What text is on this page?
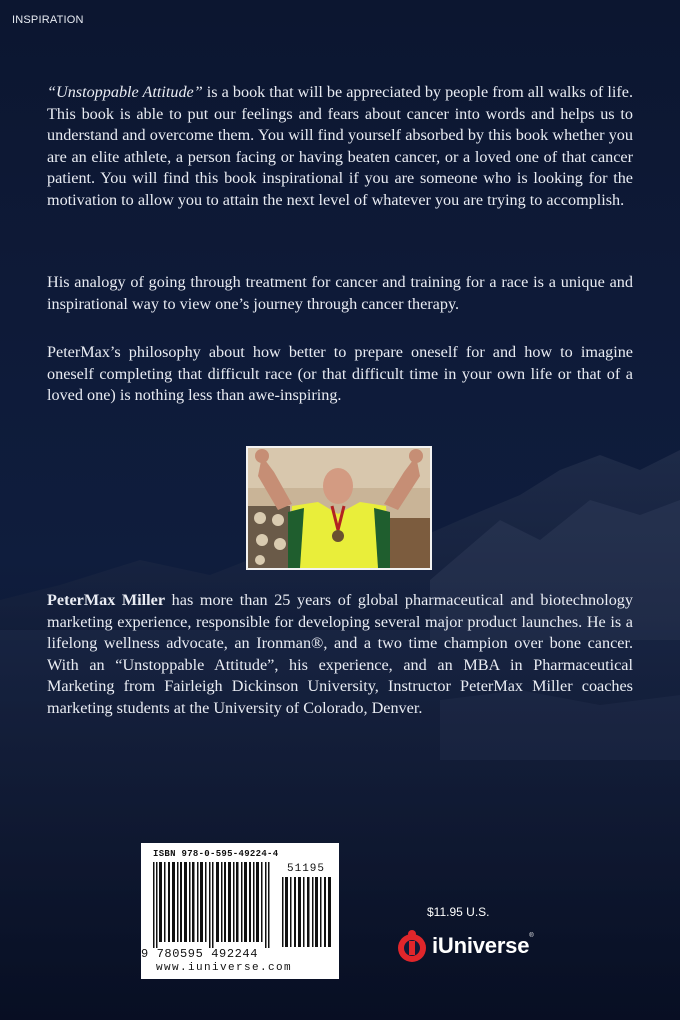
INSPIRATION
“Unstoppable Attitude” is a book that will be appreciated by people from all walks of life. This book is able to put our feelings and fears about cancer into words and helps us to understand and overcome them. You will find yourself absorbed by this book whether you are an elite athlete, a person facing or having beaten cancer, or a loved one of that cancer patient. You will find this book inspirational if you are someone who is looking for the motivation to allow you to attain the next level of whatever you are trying to accomplish.
His analogy of going through treatment for cancer and training for a race is a unique and inspirational way to view one’s journey through cancer therapy.
PeterMax’s philosophy about how better to prepare oneself for and how to imagine oneself completing that difficult race (or that difficult time in your own life or that of a loved one) is nothing less than awe-inspiring.
PeterMax Miller has more than 25 years of global pharmaceutical and biotechnology marketing experience, responsible for developing several major product launches. He is a lifelong wellness advocate, an Ironman®, and a two time champion over bone cancer. With an “Unstoppable Attitude”, his experience, and an MBA in Pharmaceutical Marketing from Fairleigh Dickinson University, Instructor PeterMax Miller coaches marketing students at the University of Colorado, Denver.
ISBN 978-0-595-49224-4
51195
9 780595 492244
www.iuniverse.com
$11.95 U.S.
iUniverse®
